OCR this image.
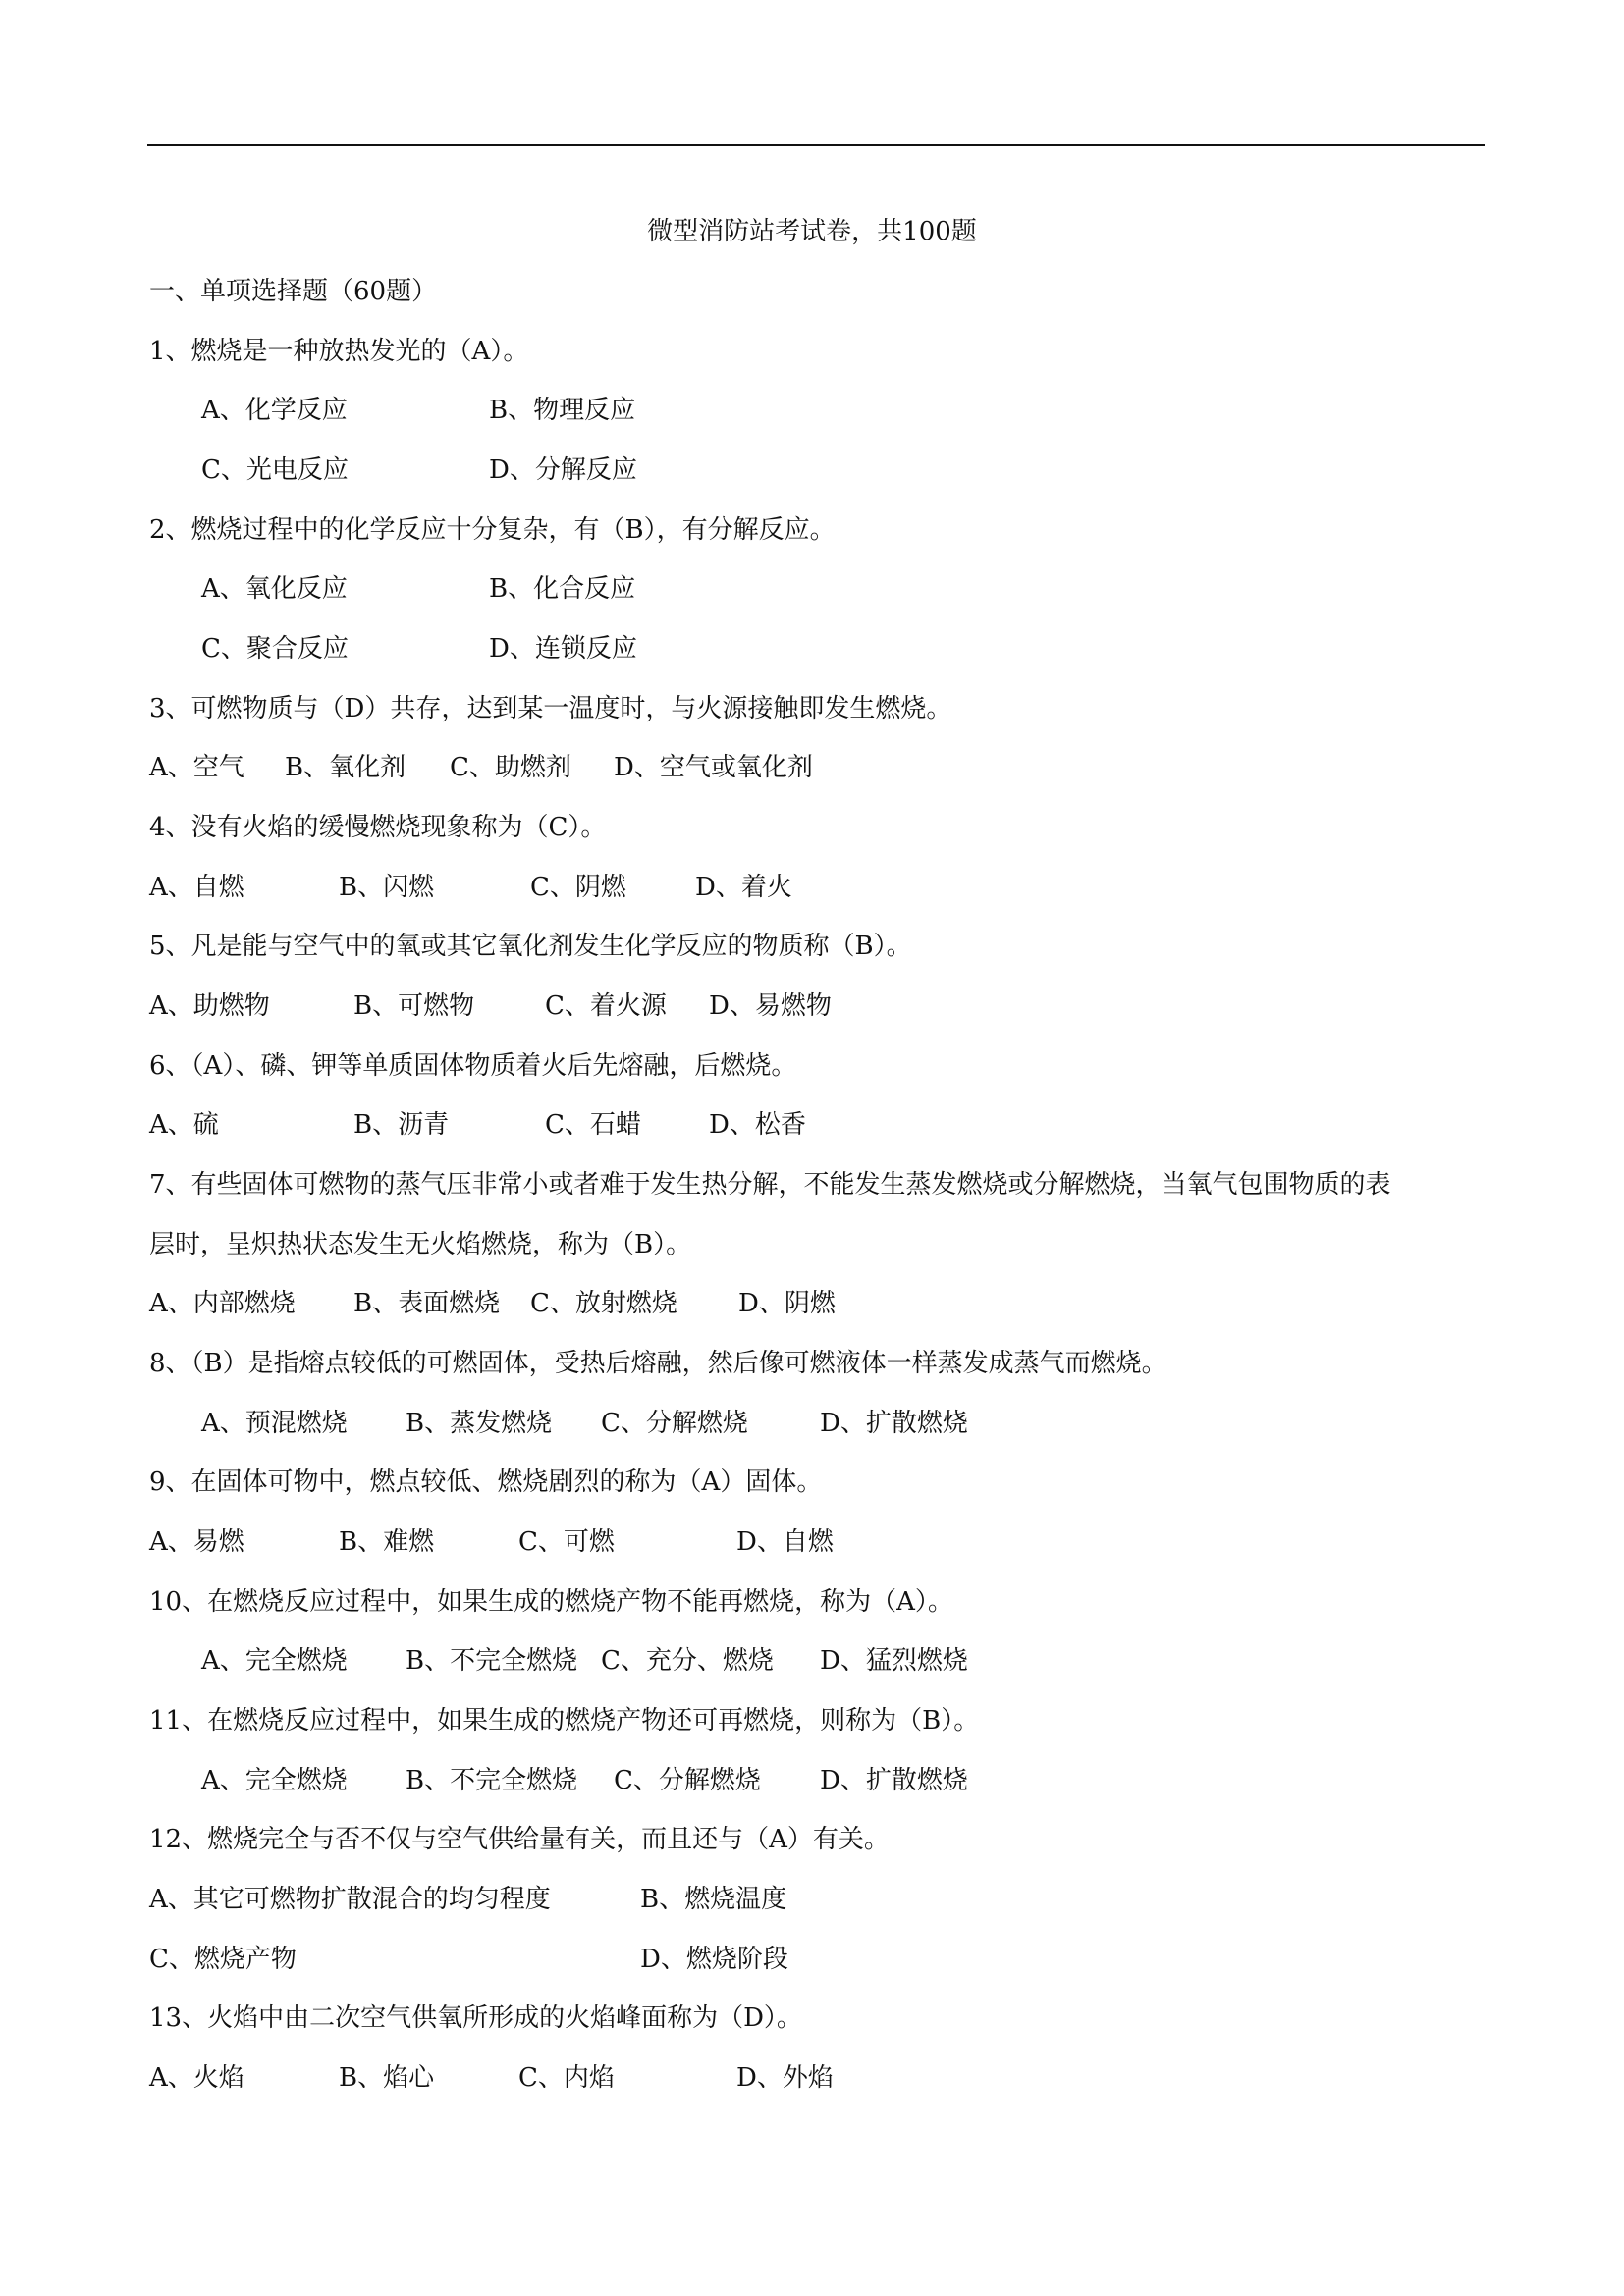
微型消防站考试卷，共100题
一、单项选择题（60题）
1、燃烧是一种放热发光的（A）。
A、化学反应	B、物理反应
C、光电反应	D、分解反应
2、燃烧过程中的化学反应十分复杂，有（B），有分解反应。
A、氧化反应	B、化合反应
C、聚合反应	D、连锁反应
3、可燃物质与（D）共存，达到某一温度时，与火源接触即发生燃烧。
A、空气 B、氧化剂 C、助燃剂 D、空气或氧化剂
4、没有火焰的缓慢燃烧现象称为（C）。
A、自燃	B、闪燃	C、阴燃	D、着火
5、凡是能与空气中的氧或其它氧化剂发生化学反应的物质称（B）。
A、助燃物	B、可燃物	C、着火源 D、易燃物
6、（A）、磷、钾等单质固体物质着火后先熔融，后燃烧。
A、硫	B、沥青	C、石蜡	D、松香
7、有些固体可燃物的蒸气压非常小或者难于发生热分解，不能发生蒸发燃烧或分解燃烧，当氧气包围物质的表
层时，呈炽热状态发生无火焰燃烧，称为（B）。
A、内部燃烧 B、表面燃烧 C、放射燃烧 D、阴燃
8、（B）是指熔点较低的可燃固体，受热后熔融，然后像可燃液体一样蒸发成蒸气而燃烧。
A、预混燃烧 B、蒸发燃烧 C、分解燃烧	D、扩散燃烧
9、在固体可物中，燃点较低、燃烧剧烈的称为（A）固体。
A、易燃	B、难燃	C、可燃	D、自燃
10、在燃烧反应过程中，如果生成的燃烧产物不能再燃烧，称为（A）。
A、完全燃烧 B、不完全燃烧 C、充分、燃烧 D、猛烈燃烧
11、在燃烧反应过程中，如果生成的燃烧产物还可再燃烧，则称为（B）。
A、完全燃烧 B、不完全燃烧 C、分解燃烧 D、扩散燃烧
12、燃烧完全与否不仅与空气供给量有关，而且还与（A）有关。
A、其它可燃物扩散混合的均匀程度	B、燃烧温度
C、燃烧产物	D、燃烧阶段
13、火焰中由二次空气供氧所形成的火焰峰面称为（D）。
A、火焰	B、焰心	C、内焰	D、外焰
